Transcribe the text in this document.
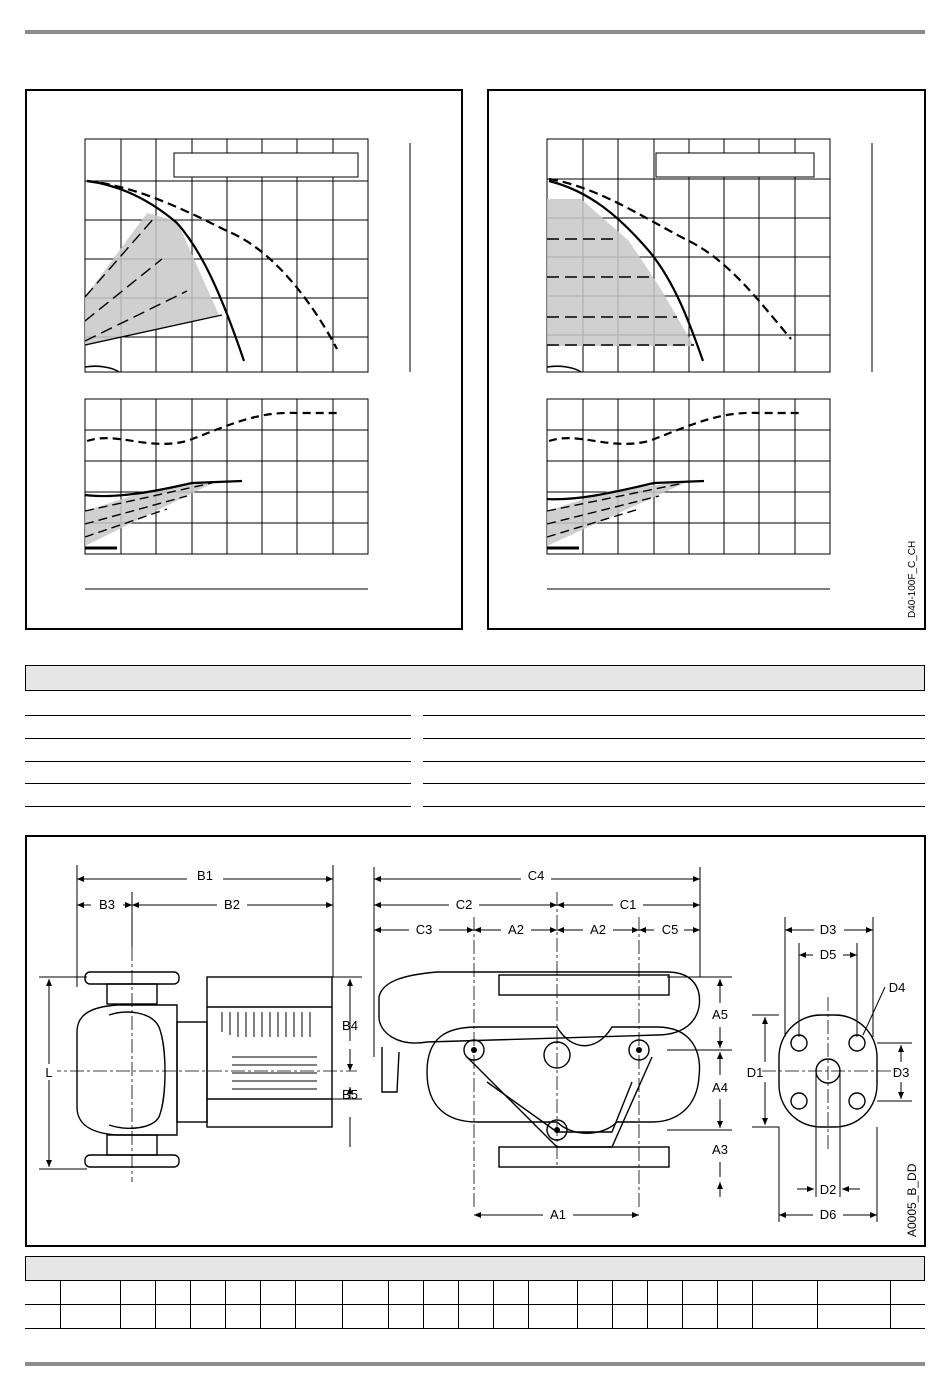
D40-100F_C_CH
B1
B3	B2
L
B4
B5
C4
C2	C1
C3	A2	A2	C5
A5
A4
A3
A1
D3
D5
D4
D1	D3
D2
D6	A0005_B_DD
